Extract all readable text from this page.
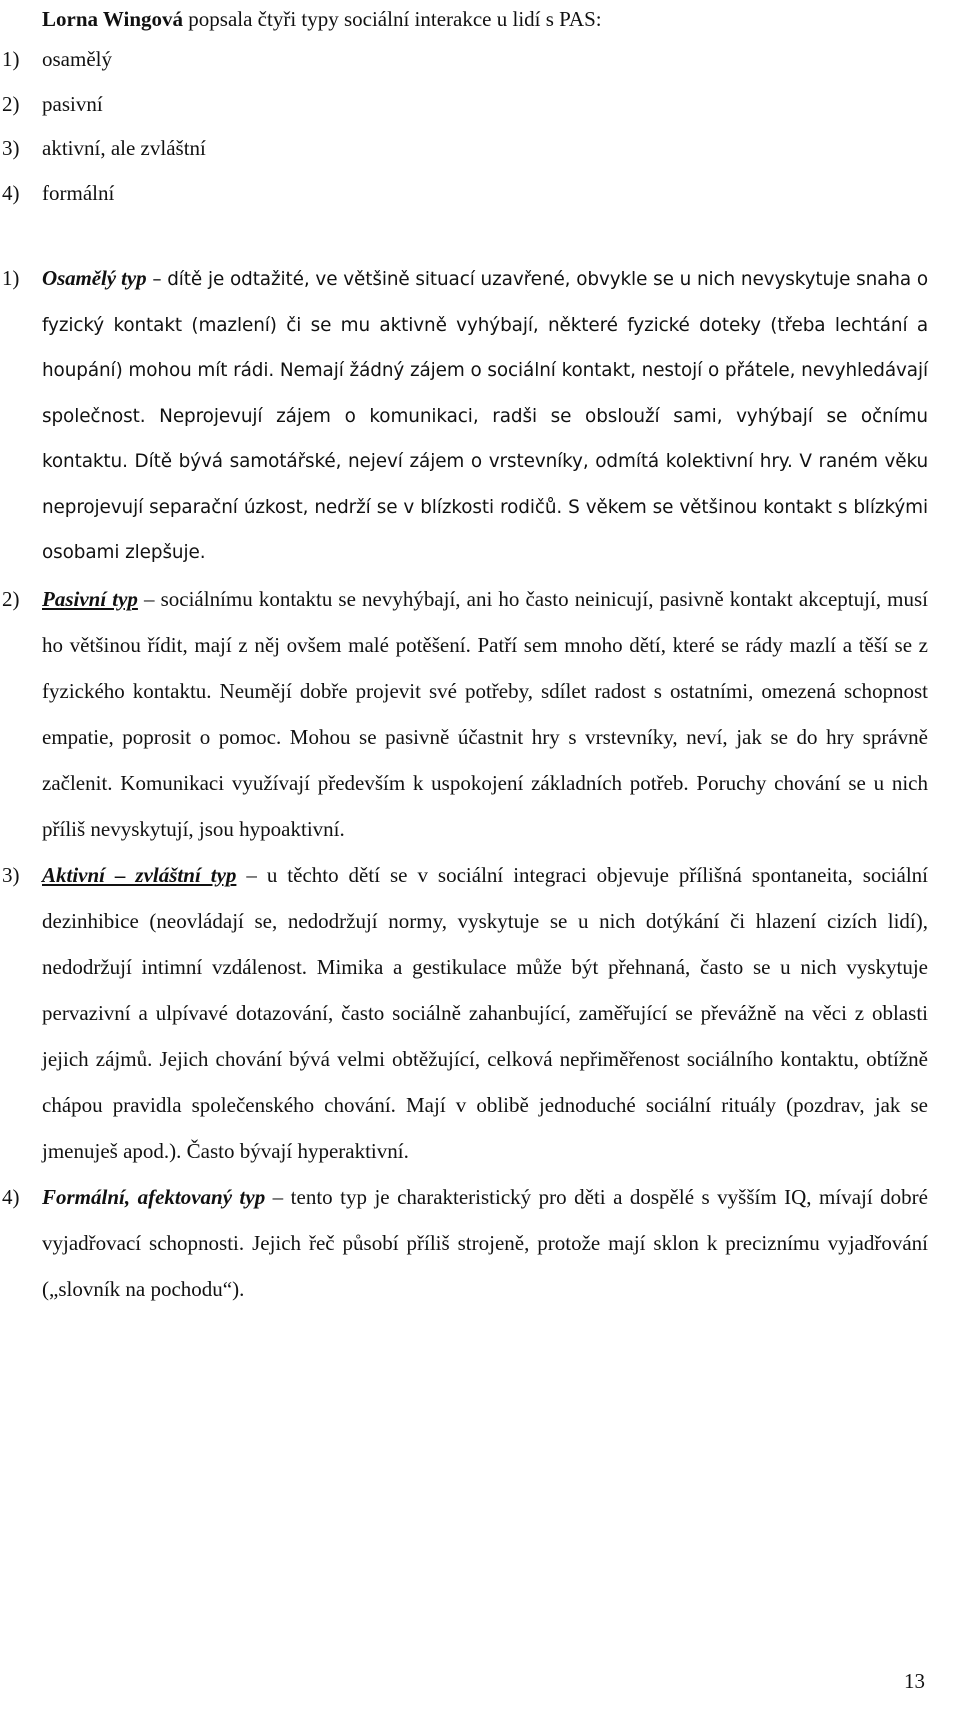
Lorna Wingová popsala čtyři typy sociální interakce u lidí s PAS:
1) osamělý
2) pasivní
3) aktivní, ale zvláštní
4) formální
1) Osamělý typ – dítě je odtažité, ve většině situací uzavřené, obvykle se u nich nevyskytuje snaha o fyzický kontakt (mazlení) či se mu aktivně vyhýbají, některé fyzické doteky (třeba lechtání a houpání) mohou mít rádi. Nemají žádný zájem o sociální kontakt, nestojí o přátele, nevyhledávají společnost. Neprojevují zájem o komunikaci, radši se obslouží sami, vyhýbají se očnímu kontaktu. Dítě bývá samotářské, nejeví zájem o vrstevníky, odmítá kolektivní hry. V raném věku neprojevují separační úzkost, nedrží se v blízkosti rodičů. S věkem se většinou kontakt s blízkými osobami zlepšuje.
2) Pasivní typ – sociálnímu kontaktu se nevyhýbají, ani ho často neinicují, pasivně kontakt akceptují, musí ho většinou řídit, mají z něj ovšem malé potěšení. Patří sem mnoho dětí, které se rády mazlí a těší se z fyzického kontaktu. Neumějí dobře projevit své potřeby, sdílet radost s ostatními, omezená schopnost empatie, poprosit o pomoc. Mohou se pasivně účastnit hry s vrstevníky, neví, jak se do hry správně začlenit. Komunikaci využívají především k uspokojení základních potřeb. Poruchy chování se u nich příliš nevyskytují, jsou hypoaktivní.
3) Aktivní – zvláštní typ – u těchto dětí se v sociální integraci objevuje přílišná spontaneita, sociální dezinhibice (neovládají se, nedodržují normy, vyskytuje se u nich dotýkání či hlazení cizích lidí), nedodržují intimní vzdálenost. Mimika a gestikulace může být přehnaná, často se u nich vyskytuje pervazivní a ulpívavé dotazování, často sociálně zahanbující, zaměřující se převážně na věci z oblasti jejich zájmů. Jejich chování bývá velmi obtěžující, celková nepřiměřenost sociálního kontaktu, obtížně chápou pravidla společenského chování. Mají v oblibě jednoduché sociální rituály (pozdrav, jak se jmenuješ apod.). Často bývají hyperaktivní.
4) Formální, afektovaný typ – tento typ je charakteristický pro děti a dospělé s vyšším IQ, mívají dobré vyjadřovací schopnosti. Jejich řeč působí příliš strojeně, protože mají sklon k preciznímu vyjadřování („slovník na pochodu“).
13
